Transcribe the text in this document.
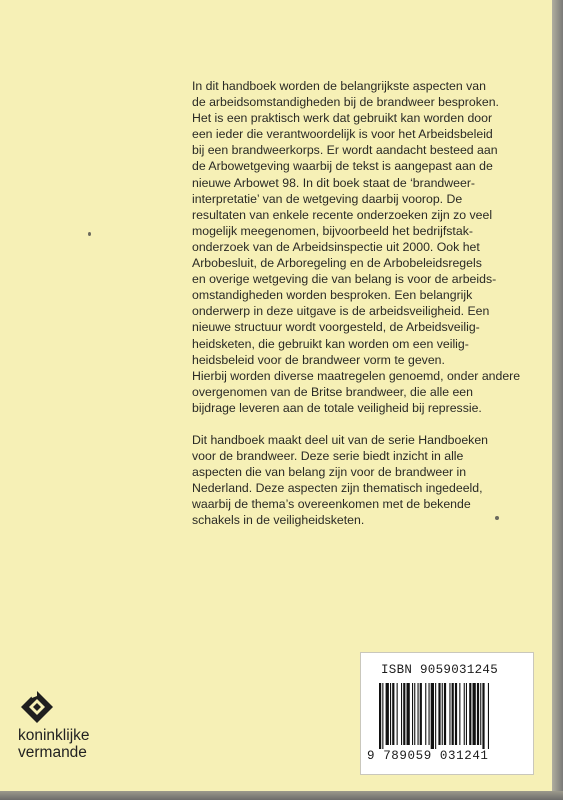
In dit handboek worden de belangrijkste aspecten van
de arbeidsomstandigheden bij de brandweer besproken.
Het is een praktisch werk dat gebruikt kan worden door
een ieder die verantwoordelijk is voor het Arbeidsbeleid
bij een brandweerkorps. Er wordt aandacht besteed aan
de Arbowetgeving waarbij de tekst is aangepast aan de
nieuwe Arbowet 98. In dit boek staat de ‘brandweer-
interpretatie’ van de wetgeving daarbij voorop. De
resultaten van enkele recente onderzoeken zijn zo veel
mogelijk meegenomen, bijvoorbeeld het bedrijfstak-
onderzoek van de Arbeidsinspectie uit 2000. Ook het
Arbobesluit, de Arboregeling en de Arbobeleidsregels
en overige wetgeving die van belang is voor de arbeids-
omstandigheden worden besproken. Een belangrijk
onderwerp in deze uitgave is de arbeidsveiligheid. Een
nieuwe structuur wordt voorgesteld, de Arbeidsveilig-
heidsketen, die gebruikt kan worden om een veilig-
heidsbeleid voor de brandweer vorm te geven.
Hierbij worden diverse maatregelen genoemd, onder andere
overgenomen van de Britse brandweer, die alle een
bijdrage leveren aan de totale veiligheid bij repressie.
Dit handboek maakt deel uit van de serie Handboeken
voor de brandweer. Deze serie biedt inzicht in alle
aspecten die van belang zijn voor de brandweer in
Nederland. Deze aspecten zijn thematisch ingedeeld,
waarbij de thema’s overeenkomen met de bekende
schakels in de veiligheidsketen.
koninklijke
vermande
ISBN 9059031245
9 789059 031241
